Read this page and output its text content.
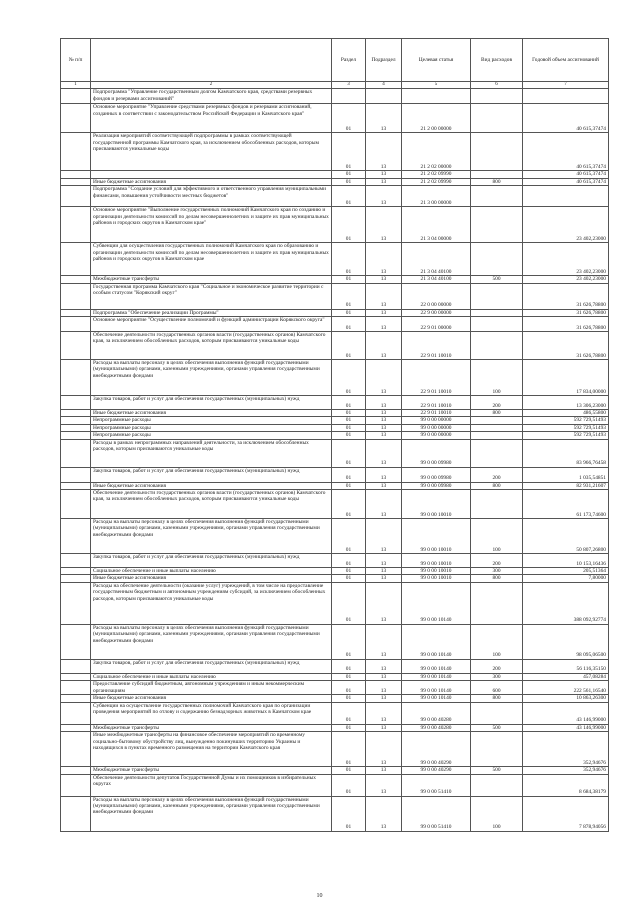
№ п/п		Раздел	Подраздел	Целевая статья	Вид расходов	Годовой объем ассигнований
1	2	3	4	5	6	7
	Подпрограмма "Управление государственным долгом Камчатского края, средствами резервных фондов и резервами ассигнований"					
	Основное мероприятие "Управление средствами резервных фондов и резервами ассигнований, созданных в соответствии с законодательством Российской Федерации и Камчатского края"	01	13	21 2 00 00000		40 615,37474
	Реализация мероприятий соответствующей подпрограммы в рамках соответствующей государственной программы Камчатского края, за исключением обособленных расходов, которым присваиваются уникальные коды	01	13	21 2 02 00000		40 615,37474
		01	13	21 2 02 09990		40 615,37474
	Иные бюджетные ассигнования	01	13	21 2 02 09990	800	40 615,37474
	Подпрограмма "Создание условий для эффективного и ответственного управления муниципальными финансами, повышения устойчивости местных бюджетов"	01	13	21 3 00 00000		
	Основное мероприятие "Выполнение государственных полномочий Камчатского края по созданию и организации деятельности комиссий по делам несовершеннолетних и защите их прав муниципальных районов и городских округов в Камчатском крае"	01	13	21 3 04 00000		23 402,23000
	Субвенции для осуществления государственных полномочий Камчатского края по образованию и организации деятельности комиссий по делам несовершеннолетних и защите их прав муниципальных районов и городских округов в Камчатском крае	01	13	21 3 04 40100		23 402,23000
	Межбюджетные трансферты	01	13	21 3 04 40100	500	23 402,23000
	Государственная программа Камчатского края "Социальное и экономическое развитие территории с особым статусом "Корякский округ"	01	13	22 0 00 00000		31 626,78800
	Подпрограмма "Обеспечение реализации Программы"	01	13	22 9 00 00000		31 626,78800
	Основное мероприятие "Осуществление полномочий и функций администрации Корякского округа"	01	13	22 9 01 00000		31 626,78800
	Обеспечение деятельности государственных органов власти (государственных органов) Камчатского края, за исключением обособленных расходов, которым присваиваются уникальные коды	01	13	22 9 01 10010		31 626,78800
	Расходы на выплаты персоналу в целях обеспечения выполнения функций государственными (муниципальными) органами, казенными учреждениями, органами управления государственными внебюджетными фондами	01	13	22 9 01 10010	100	17 834,00000
	Закупка товаров, работ и услуг для обеспечения государственных (муниципальных) нужд	01	13	22 9 01 10010	200	13 306,23000
	Иные бюджетные ассигнования	01	13	22 9 01 10010	800	486,55800
	Непрограммные расходы	01	13	99 0 00 00000		592 729,51493
	Непрограммные расходы	01	13	99 0 00 00000		592 729,51493
	Непрограммные расходы	01	13	99 0 00 00000		592 729,51493
	Расходы в рамках непрограммных направлений деятельности, за исключением обособленных расходов, которым присваиваются уникальные коды	01	13	99 0 00 09980		83 966,76458
	Закупка товаров, работ и услуг для обеспечения государственных (муниципальных) нужд	01	13	99 0 00 09980	200	1 035,54851
	Иные бюджетные ассигнования	01	13	99 0 00 09980	800	82 931,21607
	Обеспечение деятельности государственных органов власти (государственных органов) Камчатского края, за исключением обособленных расходов, которым присваиваются уникальные коды	01	13	99 0 00 10010		61 173,74600
	Расходы на выплаты персоналу в целях обеспечения выполнения функций государственными (муниципальными) органами, казенными учреждениями, органами управления государственными внебюджетными фондами	01	13	99 0 00 10010	100	50 807,26800
	Закупка товаров, работ и услуг для обеспечения государственных (муниципальных) нужд	01	13	99 0 00 10010	200	10 153,16436
	Социальное обеспечение и иные выплаты населению	01	13	99 0 00 10010	300	205,51364
	Иные бюджетные ассигнования	01	13	99 0 00 10010	800	7,80000
	Расходы на обеспечение деятельности (оказание услуг) учреждений, в том числе на предоставление государственным бюджетным и автономным учреждениям субсидий, за исключением обособленных расходов, которым присваиваются уникальные коды	01	13	99 0 00 10140		388 092,92774
	Расходы на выплаты персоналу в целях обеспечения выполнения функций государственными (муниципальными) органами, казенными учреждениями, органами управления государственными внебюджетными фондами	01	13	99 0 00 10140	100	98 095,06500
	Закупка товаров, работ и услуг для обеспечения государственных (муниципальных) нужд	01	13	99 0 00 10140	200	56 116,35150
	Социальное обеспечение и иные выплаты населению	01	13	99 0 00 10140	300	457,08284
	Предоставление субсидий бюджетным, автономным учреждениям и иным некоммерческим организациям	01	13	99 0 00 10140	600	222 561,16540
	Иные бюджетные ассигнования	01	13	99 0 00 10140	800	10 863,26300
	Субвенции на осуществление государственных полномочий Камчатского края по организации проведения мероприятий по отлову и содержанию безнадзорных животных в Камчатском крае	01	13	99 0 00 40280		43 146,99000
	Межбюджетные трансферты	01	13	99 0 00 40280	500	43 146,99000
	Иные межбюджетные трансферты на финансовое обеспечение мероприятий по временному социально-бытовому обустройству лиц, вынужденно покинувших территорию Украины и находящихся в пунктах временного размещения на территории Камчатского края	01	13	99 0 00 40290		352,94676
	Межбюджетные трансферты	01	13	99 0 00 40290	500	352,94676
	Обеспечение деятельности депутатов Государственной Думы и их помощников в избирательных округах	01	13	99 0 00 51410		8 684,38179
	Расходы на выплаты персоналу в целях обеспечения выполнения функций государственными (муниципальными) органами, казенными учреждениями, органами управления государственными внебюджетными фондами	01	13	99 0 00 51410	100	7 878,94056
10
